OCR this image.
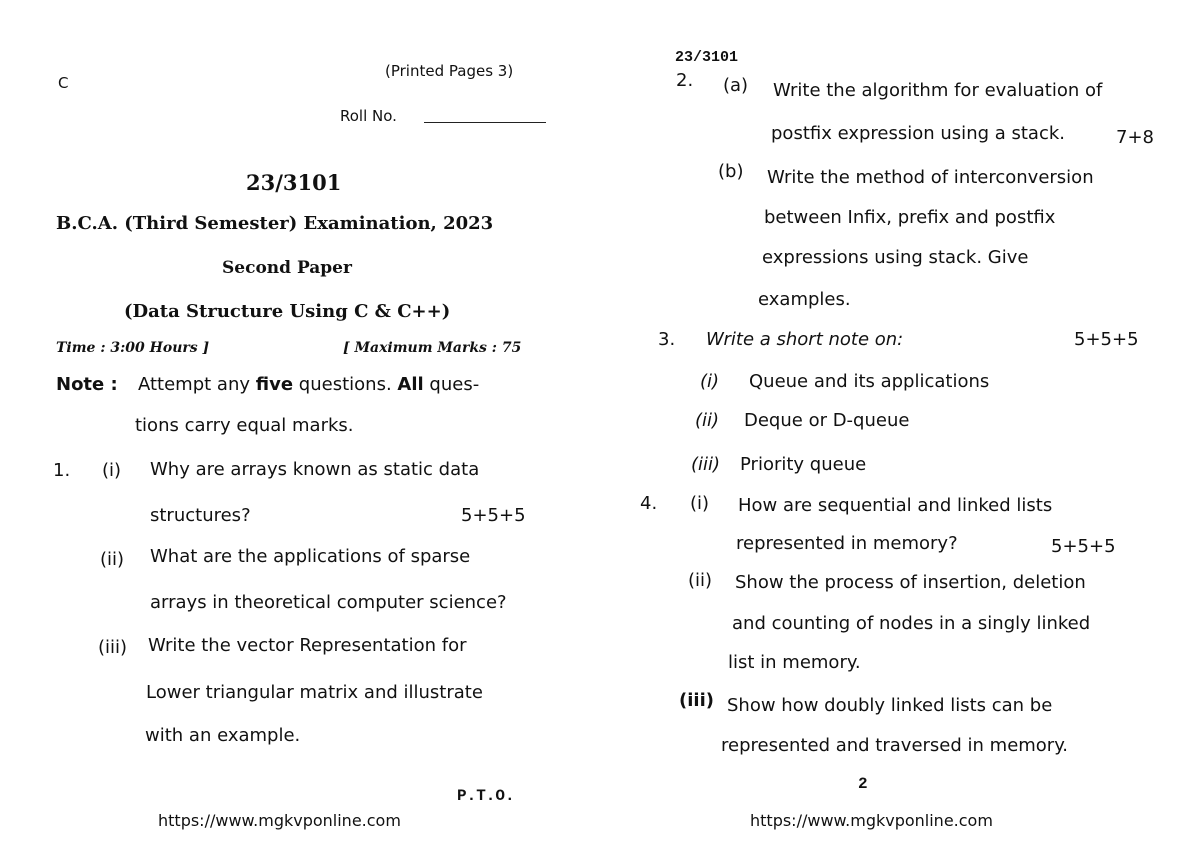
C
(Printed Pages 3)
Roll No.
23/3101
B.C.A. (Third Semester) Examination, 2023
Second Paper
(Data Structure Using C & C++)
Time : 3:00 Hours ]	[ Maximum Marks : 75
Note : Attempt any five questions. All ques-
tions carry equal marks.
1. (i) Why are arrays known as static data
structures?	5+5+5
(ii) What are the applications of sparse
arrays in theoretical computer science?
(iii) Write the vector Representation for
Lower triangular matrix and illustrate
with an example.
P.T.O.
https://www.mgkvponline.com
23/3101
2. (a) Write the algorithm for evaluation of
postfix expression using a stack.	7+8
(b) Write the method of interconversion
between Infix, prefix and postfix
expressions using stack. Give
examples.
3. Write a short note on:	5+5+5
(i) Queue and its applications
(ii) Deque or D-queue
(iii) Priority queue
4. (i) How are sequential and linked lists
represented in memory?	5+5+5
(ii) Show the process of insertion, deletion
and counting of nodes in a singly linked
list in memory.
(iii) Show how doubly linked lists can be
represented and traversed in memory.
2
https://www.mgkvponline.com
